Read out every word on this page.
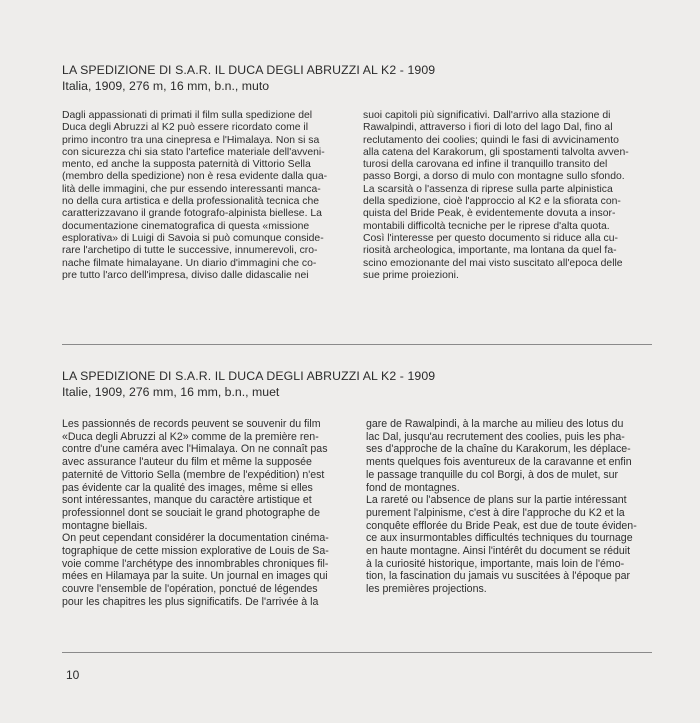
LA SPEDIZIONE DI S.A.R. IL DUCA DEGLI ABRUZZI AL K2 - 1909
Italia, 1909, 276 m, 16 mm, b.n., muto

Dagli appassionati di primati il film sulla spedizione del

Duca degli Abruzzi al K2 può essere ricordato come il

primo incontro tra una cinepresa e l'Himalaya. Non si sa

con sicurezza chi sia stato l'artefice materiale dell'avveni-

mento, ed anche la supposta paternità di Vittorio Sella

(membro della spedizione) non è resa evidente dalla qua-

lità delle immagini, che pur essendo interessanti manca-

no della cura artistica e della professionalità tecnica che

caratterizzavano il grande fotografo-alpinista biellese. La

documentazione cinematografica di questa «missione

esplorativa» di Luigi di Savoia si può comunque conside-

rare l'archetipo di tutte le successive, innumerevoli, cro-

nache filmate himalayane. Un diario d'immagini che co-

pre tutto l'arco dell'impresa, diviso dalle didascalie nei

suoi capitoli più significativi. Dall'arrivo alla stazione di

Rawalpindi, attraverso i fiori di loto del lago Dal, fino al

reclutamento dei coolies; quindi le fasi di avvicinamento

alla catena del Karakorum, gli spostamenti talvolta avven-

turosi della carovana ed infine il tranquillo transito del

passo Borgi, a dorso di mulo con montagne sullo sfondo.

La scarsità o l'assenza di riprese sulla parte alpinistica

della spedizione, cioè l'approccio al K2 e la sfiorata con-

quista del Bride Peak, è evidentemente dovuta a insor-

montabili difficoltà tecniche per le riprese d'alta quota.

Così l'interesse per questo documento si riduce alla cu-

riosità archeologica, importante, ma lontana da quel fa-

scino emozionante del mai visto suscitato all'epoca delle

sue prime proiezioni.

LA SPEDIZIONE DI S.A.R. IL DUCA DEGLI ABRUZZI AL K2 - 1909
Italie, 1909, 276 mm, 16 mm, b.n., muet

Les passionnés de records peuvent se souvenir du film

«Duca degli Abruzzi al K2» comme de la première ren-

contre d'une caméra avec l'Himalaya. On ne connaît pas

avec assurance l'auteur du film et même la supposée

paternité de Vittorio Sella (membre de l'expédition) n'est

pas évidente car la qualité des images, même si elles

sont intéressantes, manque du caractère artistique et

professionnel dont se souciait le grand photographe de

montagne biellais.

On peut cependant considérer la documentation cinéma-

tographique de cette mission explorative de Louis de Sa-

voie comme l'archétype des innombrables chroniques fil-

mées en Hilamaya par la suite. Un journal en images qui

couvre l'ensemble de l'opération, ponctué de légendes

pour les chapitres les plus significatifs. De l'arrivée à la

gare de Rawalpindi, à la marche au milieu des lotus du

lac Dal, jusqu'au recrutement des coolies, puis les pha-

ses d'approche de la chaîne du Karakorum, les déplace-

ments quelques fois aventureux de la caravanne et enfin

le passage tranquille du col Borgi, à dos de mulet, sur

fond de montagnes.

La rareté ou l'absence de plans sur la partie intéressant

purement l'alpinisme, c'est à dire l'approche du K2 et la

conquête efflorée du Bride Peak, est due de toute éviden-

ce aux insurmontables difficultés techniques du tournage

en haute montagne. Ainsi l'intérêt du document se réduit

à la curiosité historique, importante, mais loin de l'émo-

tion, la fascination du jamais vu suscitées à l'époque par

les premières projections.

10
